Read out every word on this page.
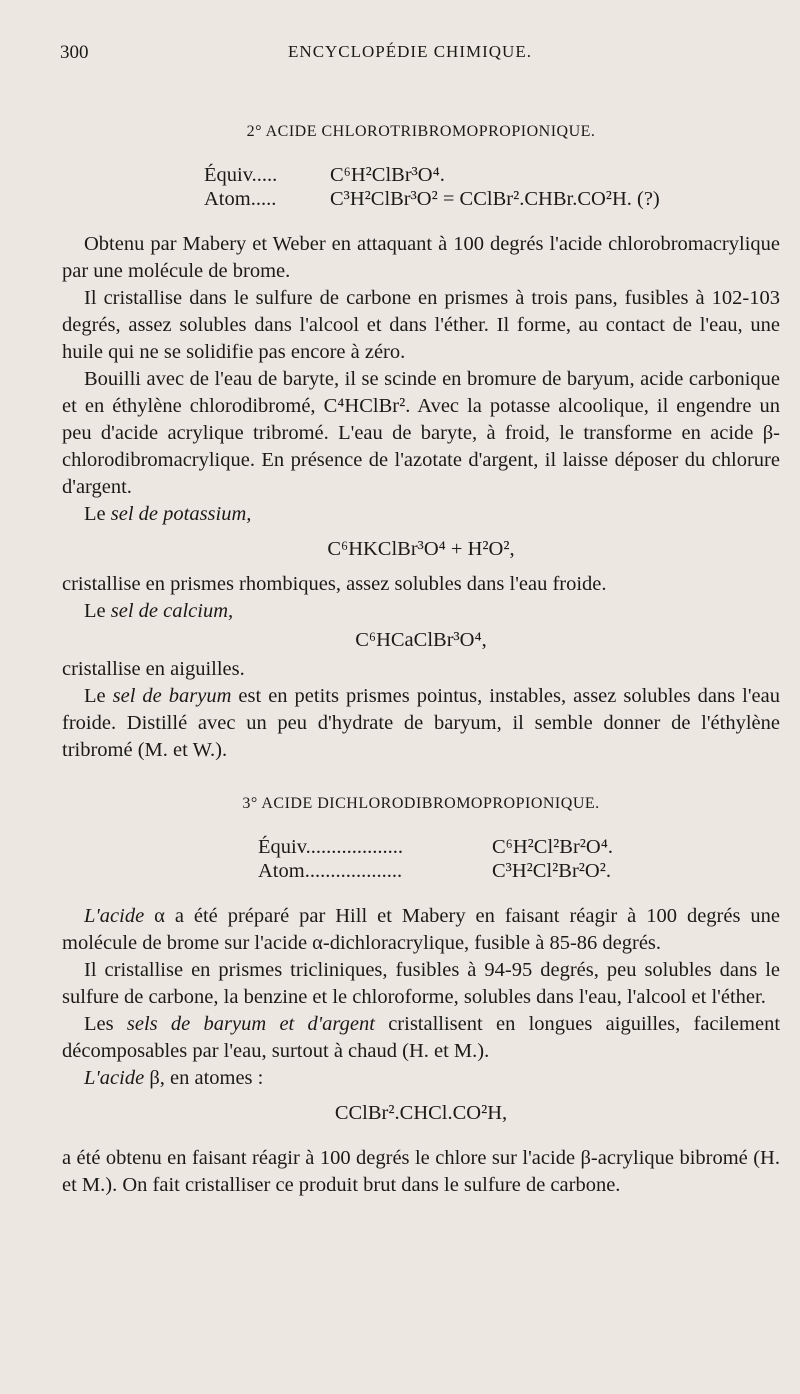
300	ENCYCLOPÉDIE CHIMIQUE.
2° ACIDE CHLOROTRIBROMOPROPIONIQUE.
Équiv.....	C⁶H²ClBr³O⁴.
Atom.....	C³H²ClBr³O² = CClBr².CHBr.CO²H. (?)

Obtenu par Mabery et Weber en attaquant à 100 degrés l'acide chlorobromacrylique par une molécule de brome.

Il cristallise dans le sulfure de carbone en prismes à trois pans, fusibles à 102-103 degrés, assez solubles dans l'alcool et dans l'éther. Il forme, au contact de l'eau, une huile qui ne se solidifie pas encore à zéro.

Bouilli avec de l'eau de baryte, il se scinde en bromure de baryum, acide carbonique et en éthylène chlorodibromé, C⁴HClBr². Avec la potasse alcoolique, il engendre un peu d'acide acrylique tribromé. L'eau de baryte, à froid, le transforme en acide β-chlorodibromacrylique. En présence de l'azotate d'argent, il laisse déposer du chlorure d'argent.

Le sel de potassium,

C⁶HKClBr³O⁴ + H²O²,

cristallise en prismes rhombiques, assez solubles dans l'eau froide.

Le sel de calcium,

C⁶HCaClBr³O⁴,

cristallise en aiguilles.

Le sel de baryum est en petits prismes pointus, instables, assez solubles dans l'eau froide. Distillé avec un peu d'hydrate de baryum, il semble donner de l'éthylène tribromé (M. et W.).

3° ACIDE DICHLORODIBROMOPROPIONIQUE.
Équiv...................	C⁶H²Cl²Br²O⁴.
Atom...................	C³H²Cl²Br²O².

L'acide α a été préparé par Hill et Mabery en faisant réagir à 100 degrés une molécule de brome sur l'acide α-dichloracrylique, fusible à 85-86 degrés.

Il cristallise en prismes tricliniques, fusibles à 94-95 degrés, peu solubles dans le sulfure de carbone, la benzine et le chloroforme, solubles dans l'eau, l'alcool et l'éther.

Les sels de baryum et d'argent cristallisent en longues aiguilles, facilement décomposables par l'eau, surtout à chaud (H. et M.).

L'acide β, en atomes :

CClBr².CHCl.CO²H,

a été obtenu en faisant réagir à 100 degrés le chlore sur l'acide β-acrylique bibromé (H. et M.). On fait cristalliser ce produit brut dans le sulfure de carbone.
